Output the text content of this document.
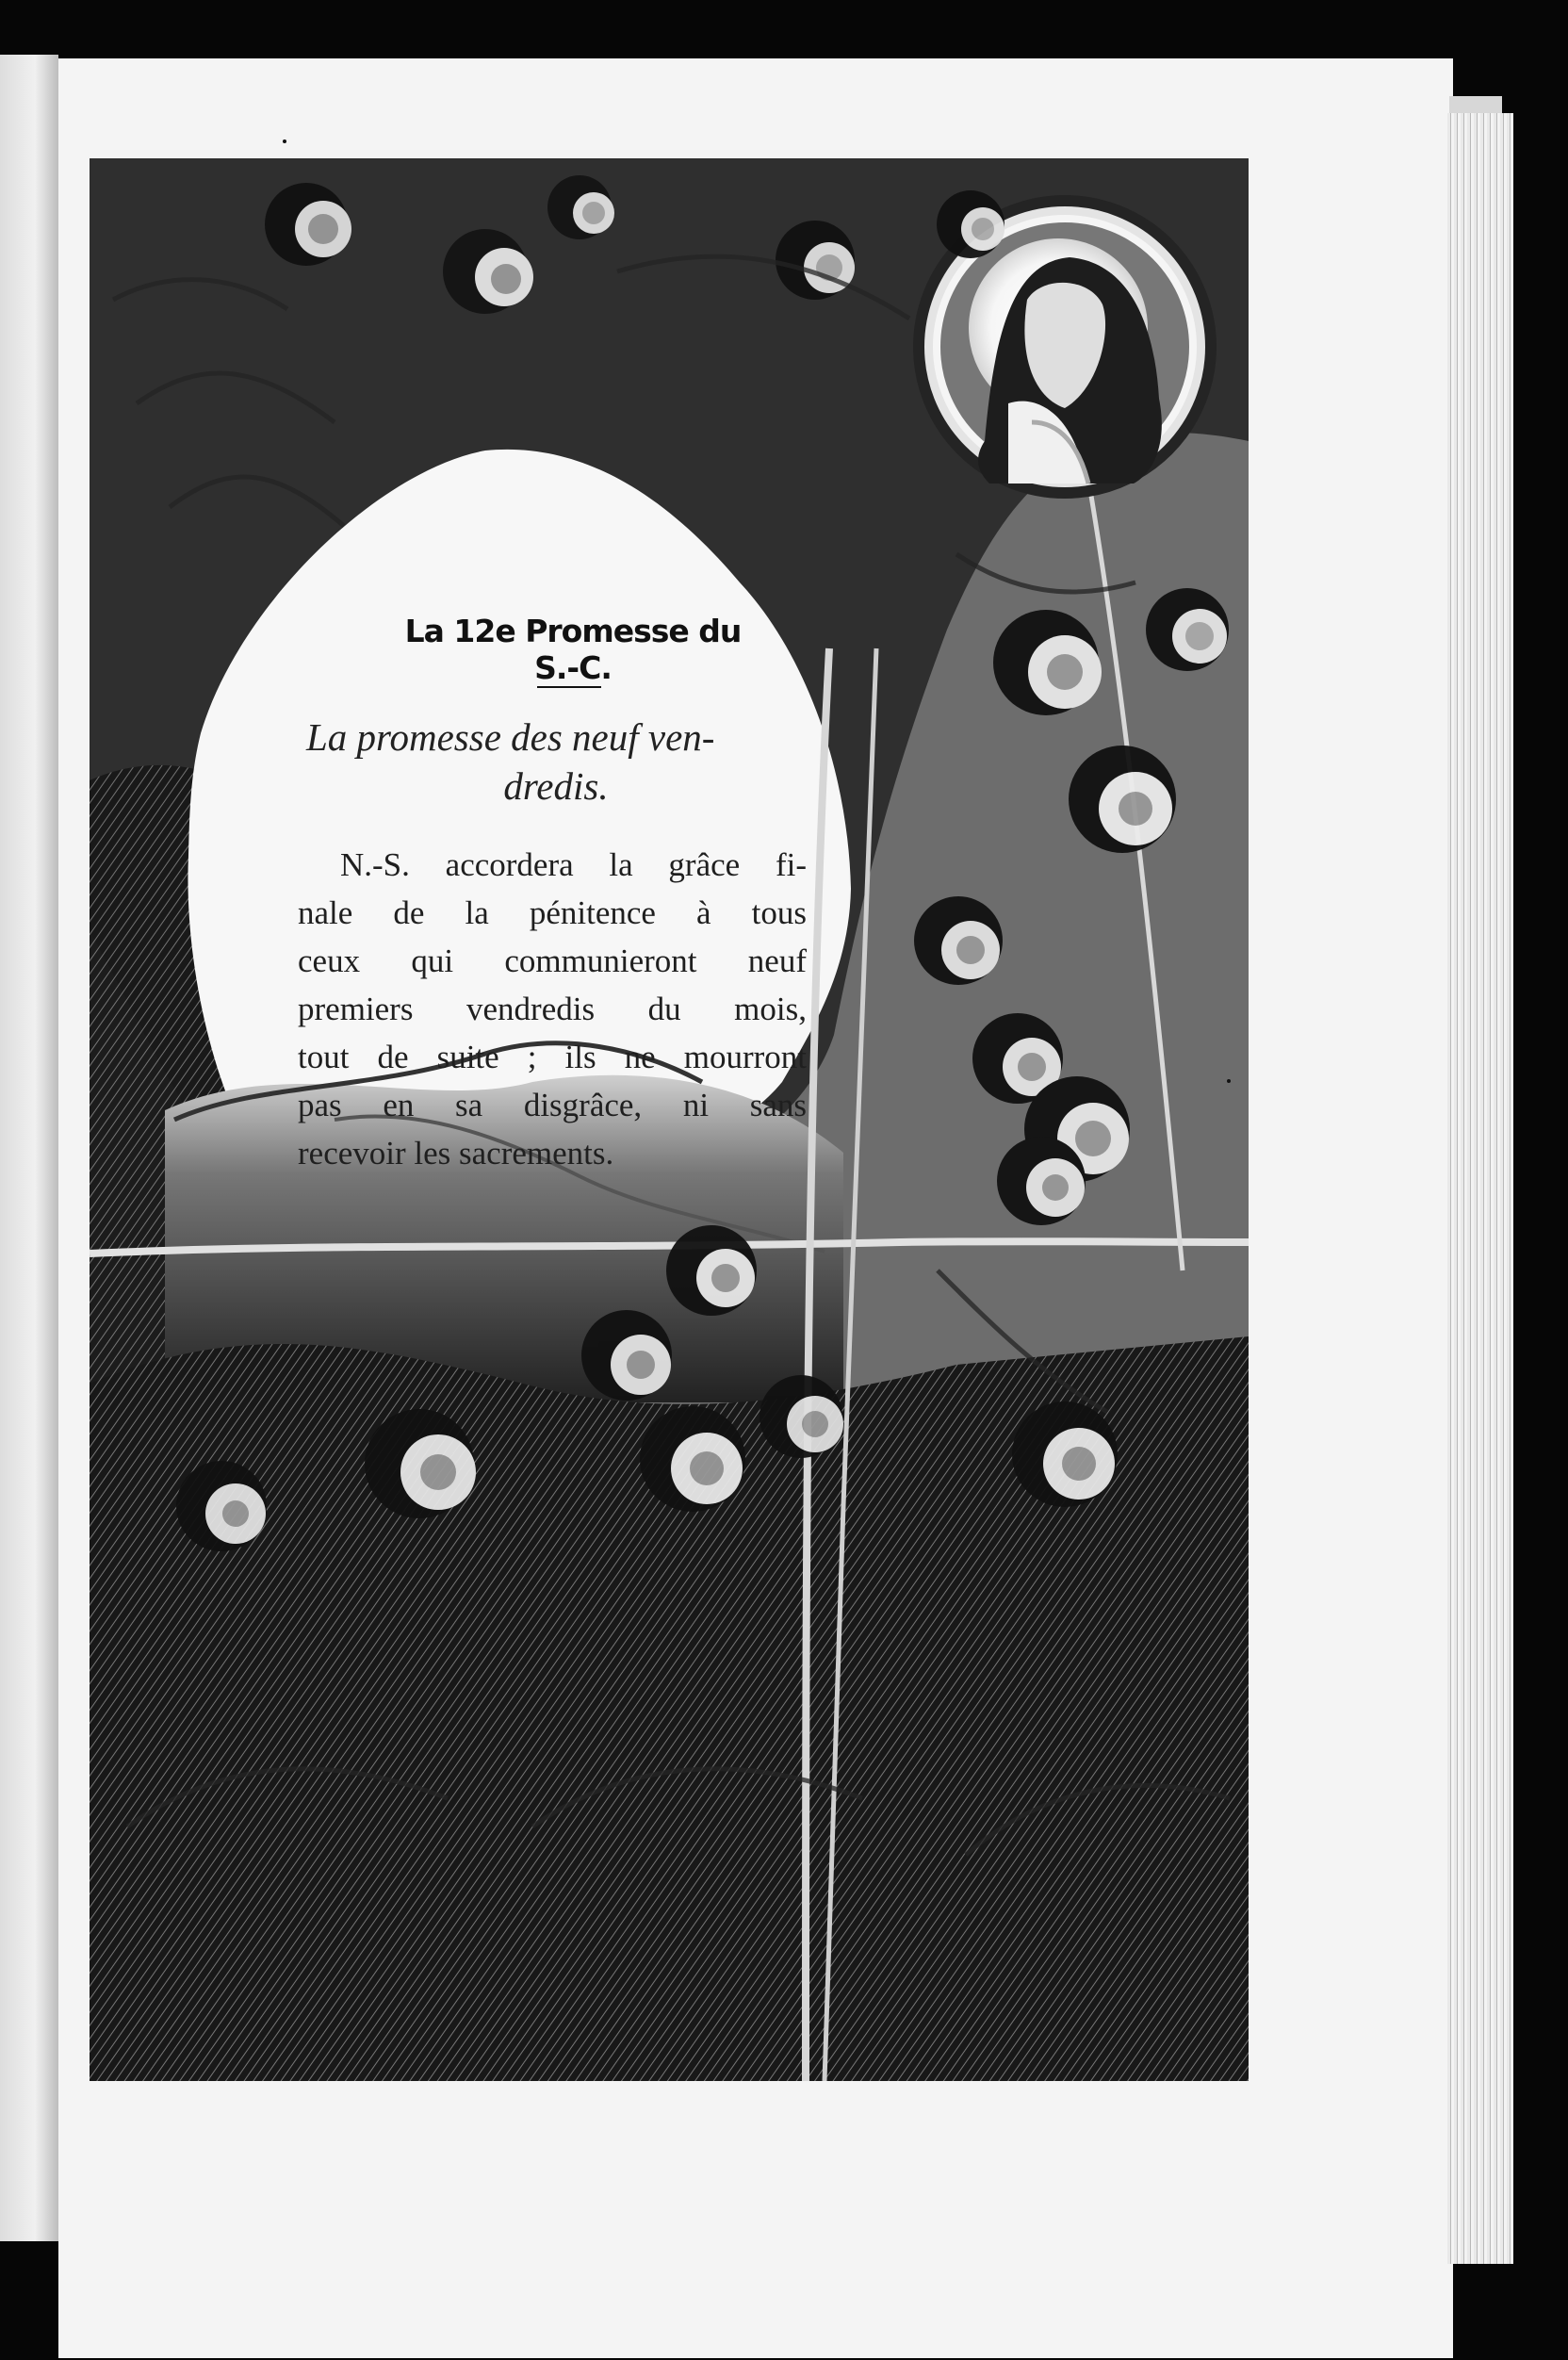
La 12e Promesse du S.-C.
La promesse des neuf ven-
dredis.
N.-S. accordera la grâce fi-
nale de la pénitence à tous
ceux qui communieront neuf
premiers vendredis du mois,
tout de suite ; ils ne mourront
pas en sa disgrâce, ni sans
recevoir les sacrements.
